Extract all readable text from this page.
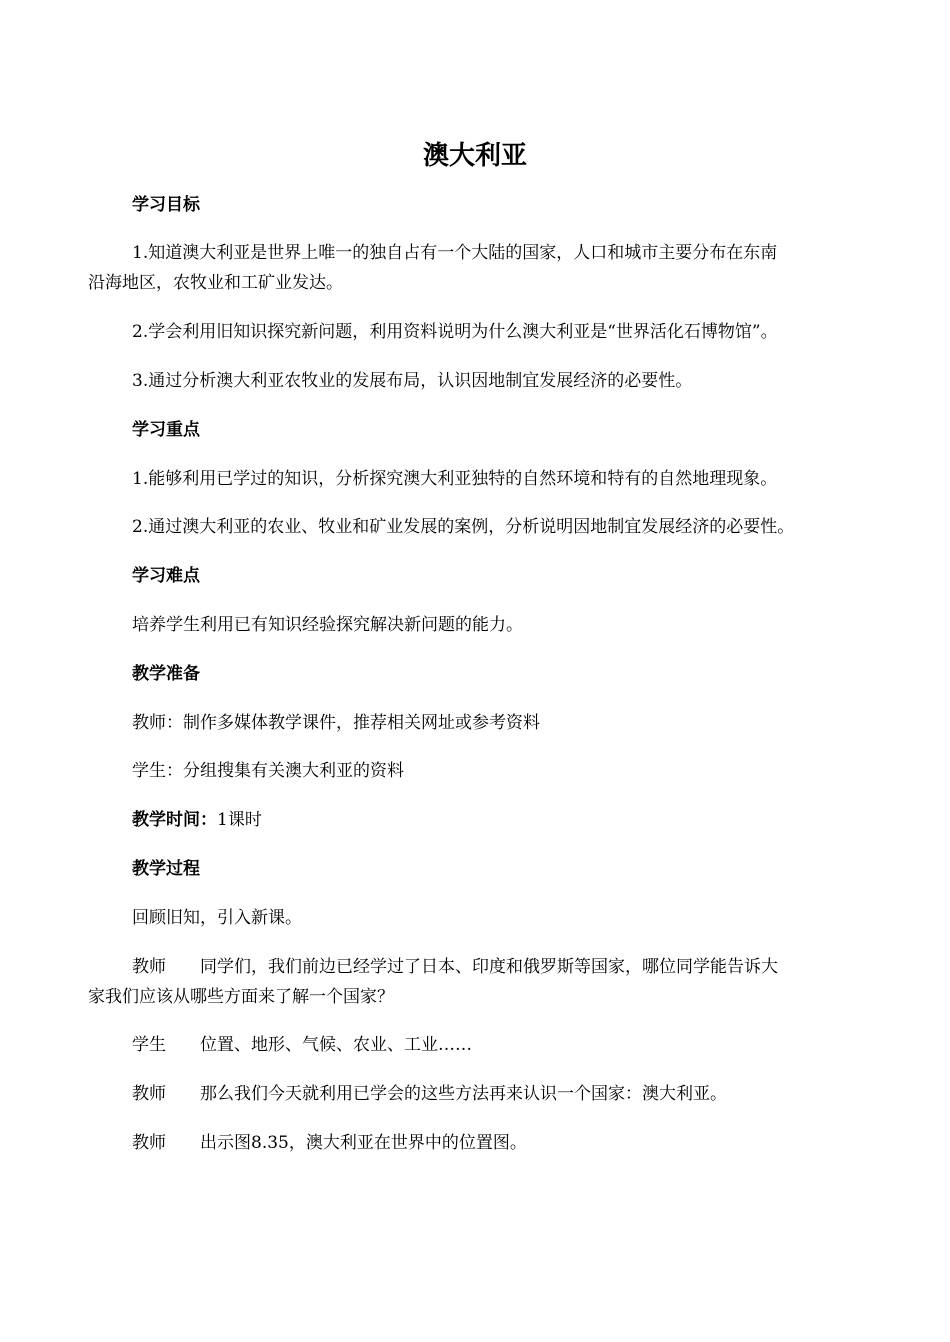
澳大利亚
学习目标
1.知道澳大利亚是世界上唯一的独自占有一个大陆的国家，人口和城市主要分布在东南
沿海地区，农牧业和工矿业发达。
2.学会利用旧知识探究新问题，利用资料说明为什么澳大利亚是“世界活化石博物馆”。
3.通过分析澳大利亚农牧业的发展布局，认识因地制宜发展经济的必要性。
学习重点
1.能够利用已学过的知识，分析探究澳大利亚独特的自然环境和特有的自然地理现象。
2.通过澳大利亚的农业、牧业和矿业发展的案例，分析说明因地制宜发展经济的必要性。
学习难点
培养学生利用已有知识经验探究解决新问题的能力。
教学准备
教师：制作多媒体教学课件，推荐相关网址或参考资料
学生：分组搜集有关澳大利亚的资料
教学时间：1课时
教学过程
回顾旧知，引入新课。
教师 同学们，我们前边已经学过了日本、印度和俄罗斯等国家，哪位同学能告诉大
家我们应该从哪些方面来了解一个国家？
学生 位置、地形、气候、农业、工业……
教师 那么我们今天就利用已学会的这些方法再来认识一个国家：澳大利亚。
教师 出示图8.35，澳大利亚在世界中的位置图。
